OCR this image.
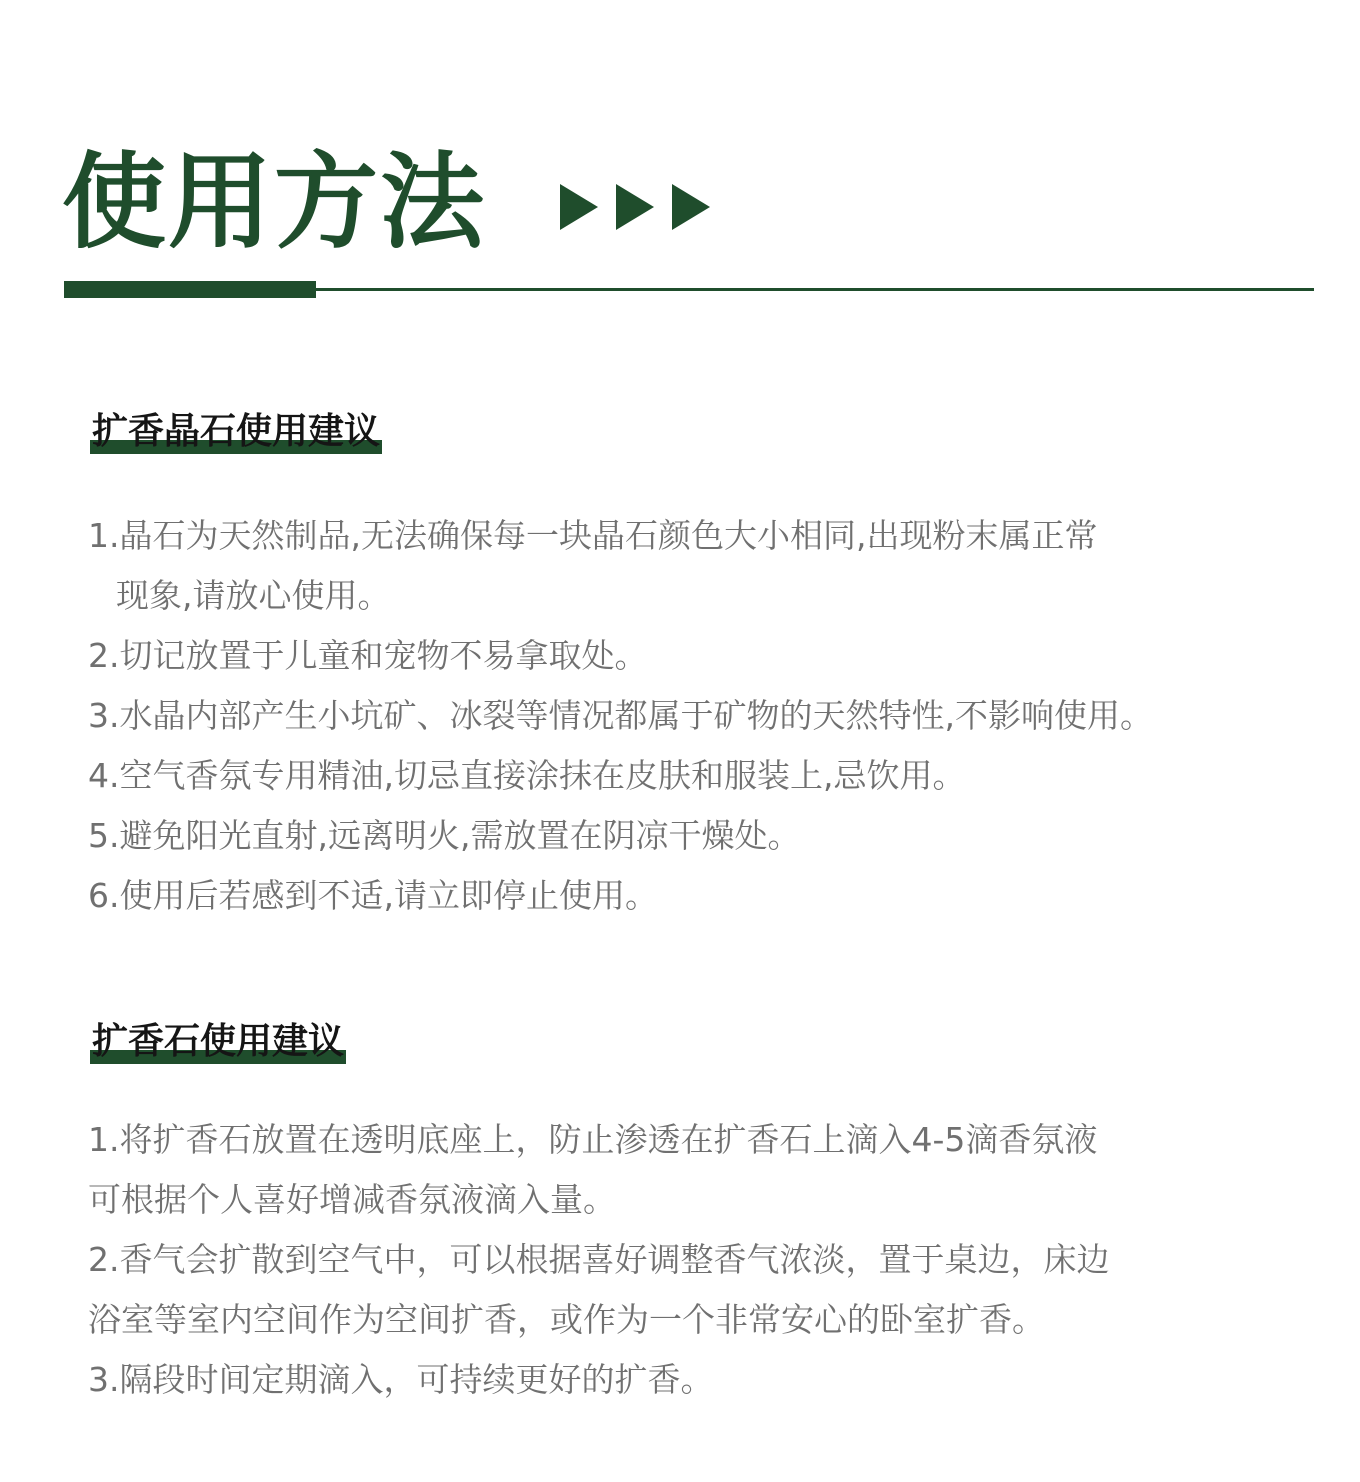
使用方法
扩香晶石使用建议
1.晶石为天然制品,无法确保每一块晶石颜色大小相同,出现粉末属正常
现象,请放心使用。
2.切记放置于儿童和宠物不易拿取处。
3.水晶内部产生小坑矿、冰裂等情况都属于矿物的天然特性,不影响使用。
4.空气香氛专用精油,切忌直接涂抹在皮肤和服装上,忌饮用。
5.避免阳光直射,远离明火,需放置在阴凉干燥处。
6.使用后若感到不适,请立即停止使用。
扩香石使用建议
1.将扩香石放置在透明底座上，防止渗透在扩香石上滴入4-5滴香氛液
可根据个人喜好增减香氛液滴入量。
2.香气会扩散到空气中，可以根据喜好调整香气浓淡，置于桌边，床边
浴室等室内空间作为空间扩香，或作为一个非常安心的卧室扩香。
3.隔段时间定期滴入，可持续更好的扩香。
